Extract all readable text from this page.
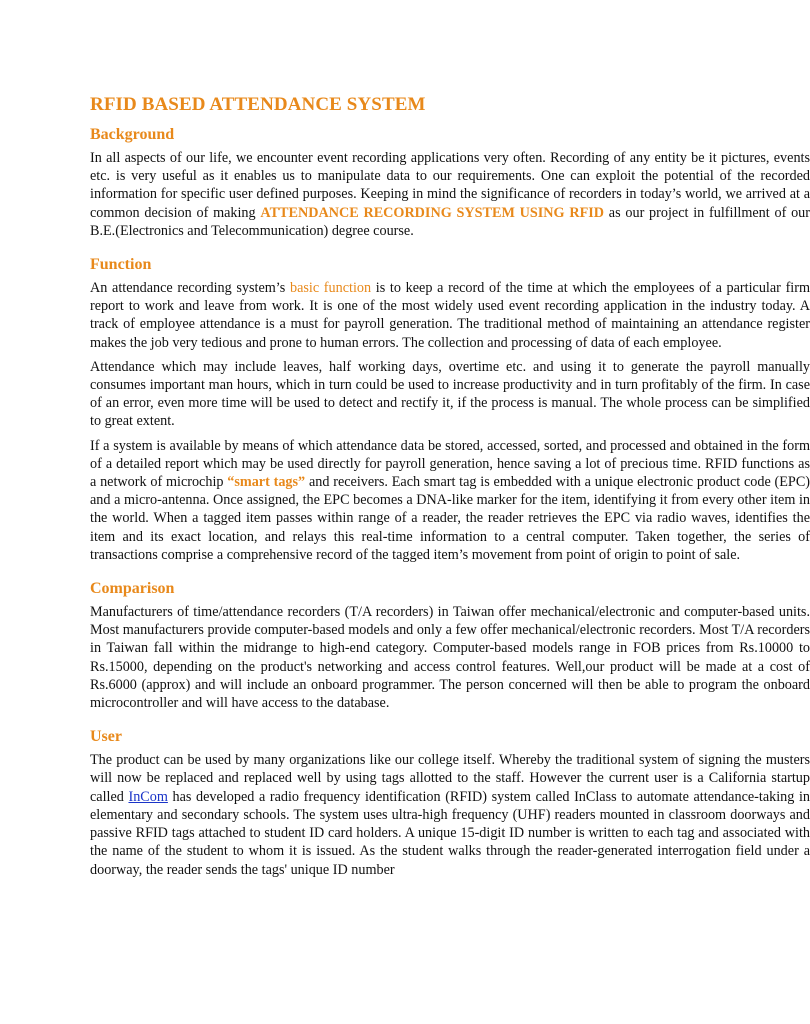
RFID BASED ATTENDANCE SYSTEM
Background

In all aspects of our life, we encounter event recording applications very often. Recording of any entity be it pictures, events etc. is very useful as it enables us to manipulate data to our requirements. One can exploit the potential of the recorded information for specific user defined purposes. Keeping in mind the significance of recorders in today’s world, we arrived at a common decision of making ATTENDANCE RECORDING SYSTEM USING RFID as our project in fulfillment of our B.E.(Electronics and Telecommunication) degree course.

Function

An attendance recording system’s basic function is to keep a record of the time at which the employees of a particular firm report to work and leave from work. It is one of the most widely used event recording application in the industry today. A track of employee attendance is a must for payroll generation. The traditional method of maintaining an attendance register makes the job very tedious and prone to human errors. The collection and processing of data of each employee.

Attendance which may include leaves, half working days, overtime etc. and using it to generate the payroll manually consumes important man hours, which in turn could be used to increase productivity and in turn profitably of the firm. In case of an error, even more time will be used to detect and rectify it, if the process is manual. The whole process can be simplified to great extent.

If a system is available by means of which attendance data be stored, accessed, sorted, and processed and obtained in the form of a detailed report which may be used directly for payroll generation, hence saving a lot of precious time. RFID functions as a network of microchip “smart tags” and receivers. Each smart tag is embedded with a unique electronic product code (EPC) and a micro-antenna. Once assigned, the EPC becomes a DNA-like marker for the item, identifying it from every other item in the world. When a tagged item passes within range of a reader, the reader retrieves the EPC via radio waves, identifies the item and its exact location, and relays this real-time information to a central computer. Taken together, the series of transactions comprise a comprehensive record of the tagged item’s movement from point of origin to point of sale.

Comparison

Manufacturers of time/attendance recorders (T/A recorders) in Taiwan offer mechanical/electronic and computer-based units. Most manufacturers provide computer-based models and only a few offer mechanical/electronic recorders. Most T/A recorders in Taiwan fall within the midrange to high-end category. Computer-based models range in FOB prices from Rs.10000 to Rs.15000, depending on the product's networking and access control features. Well,our product will be made at a cost of Rs.6000 (approx) and will include an onboard programmer. The person concerned will then be able to program the onboard microcontroller and will have access to the database.

User

The product can be used by many organizations like our college itself. Whereby the traditional system of signing the musters will now be replaced and replaced well by using tags allotted to the staff. However the current user is a California startup called InCom has developed a radio frequency identification (RFID) system called InClass to automate attendance-taking in elementary and secondary schools. The system uses ultra-high frequency (UHF) readers mounted in classroom doorways and passive RFID tags attached to student ID card holders. A unique 15-digit ID number is written to each tag and associated with the name of the student to whom it is issued. As the student walks through the reader-generated interrogation field under a doorway, the reader sends the tags' unique ID number
